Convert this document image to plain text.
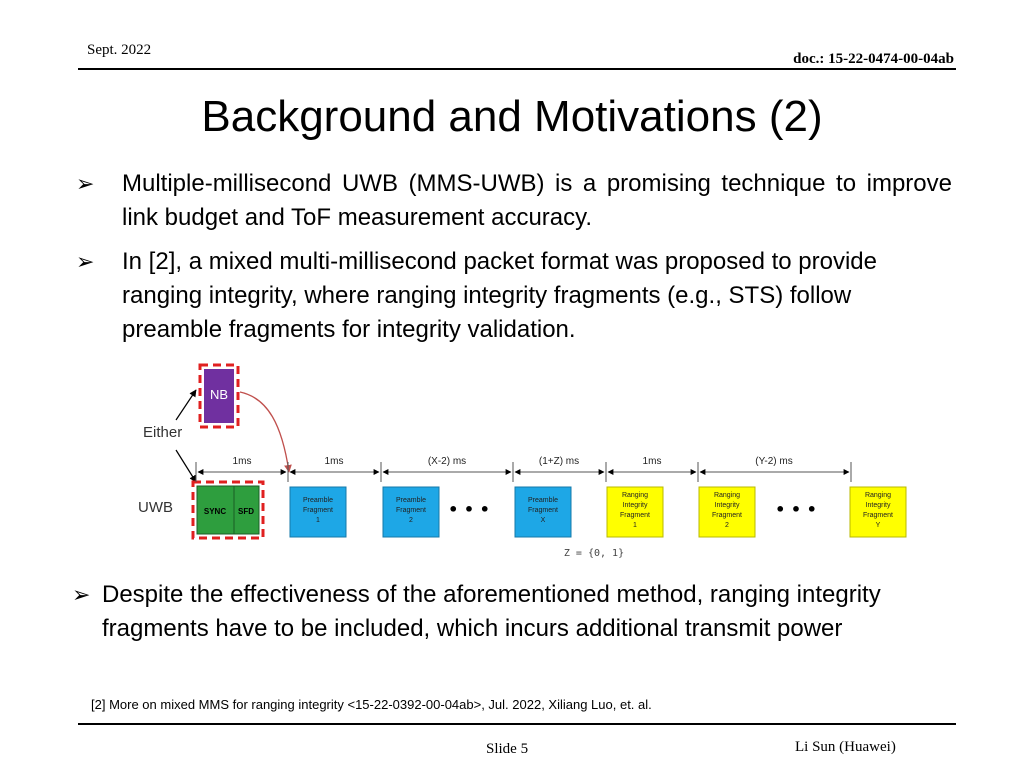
Sept. 2022
doc.: 15-22-0474-00-04ab
Background and Motivations (2)
➢ Multiple-millisecond UWB (MMS-UWB) is a promising technique to improve link budget and ToF measurement accuracy.
➢ In [2], a mixed multi-millisecond packet format was proposed to provide ranging integrity, where ranging integrity fragments (e.g., STS) follow preamble fragments for integrity validation.
NB
Either
UWB	SYNC SFD
1ms	1ms	(X-2) ms	(1+Z) ms	1ms	(Y-2) ms
Preamble
Fragment
1
Preamble
Fragment
2
Preamble
Fragment
X
Ranging
Integrity
Fragment
1
Ranging
Integrity
Fragment
2
Ranging
Integrity
Fragment
Y
• • •	• • •
Z = {0, 1}
➢ Despite the effectiveness of the aforementioned method, ranging integrity fragments have to be included, which incurs additional transmit power
[2] More on mixed MMS for ranging integrity <15-22-0392-00-04ab>, Jul. 2022, Xiliang Luo, et. al.
Slide 5	Li Sun (Huawei)
